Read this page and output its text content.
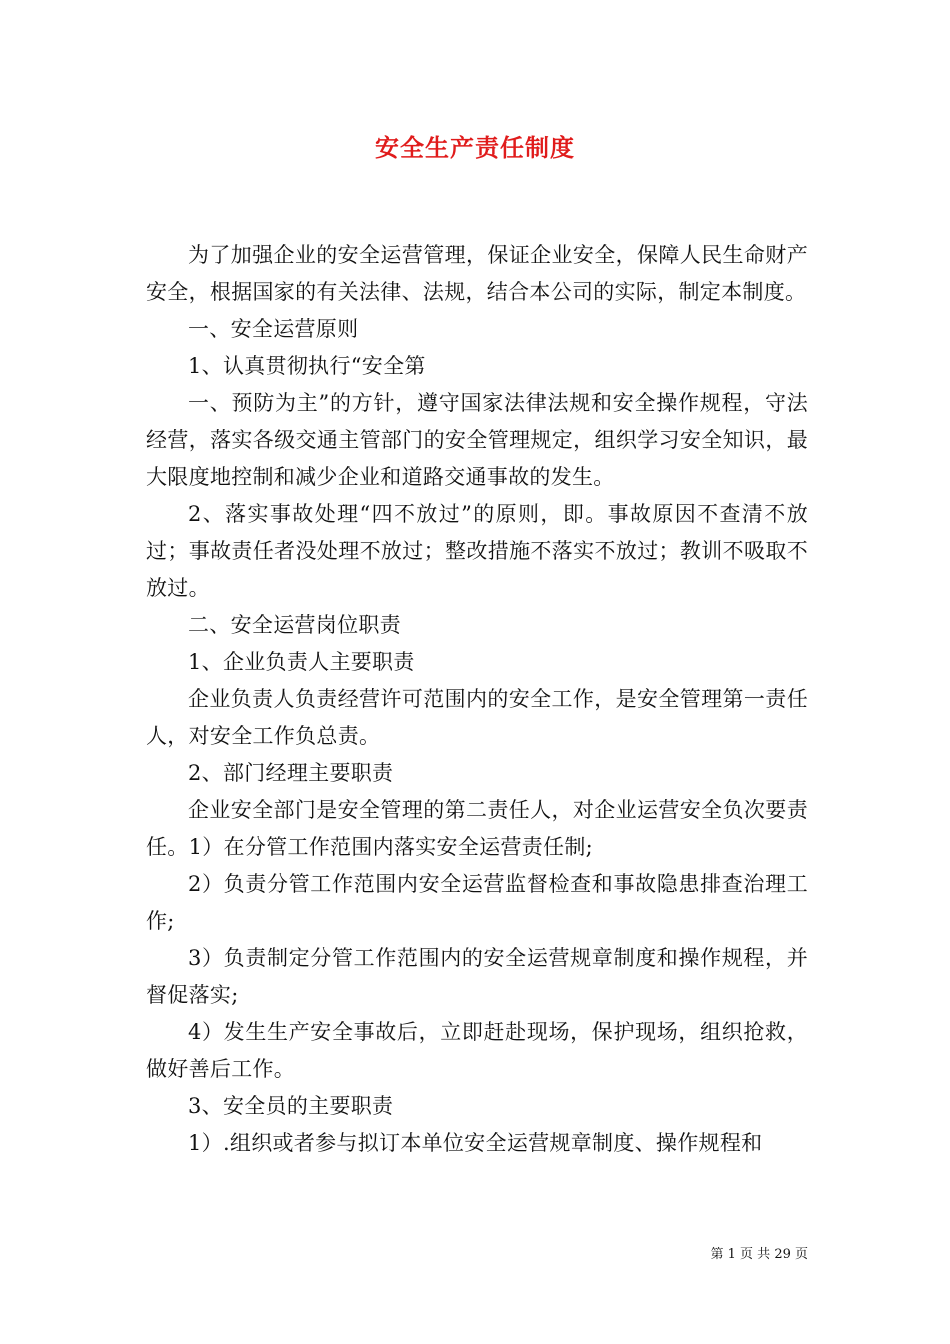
安全生产责任制度

为了加强企业的安全运营管理，保证企业安全，保障人民生命财产安全，根据国家的有关法律、法规，结合本公司的实际，制定本制度。

一、安全运营原则

1、认真贯彻执行“安全第

一、预防为主”的方针，遵守国家法律法规和安全操作规程，守法经营，落实各级交通主管部门的安全管理规定，组织学习安全知识，最大限度地控制和减少企业和道路交通事故的发生。

2、落实事故处理“四不放过”的原则，即。事故原因不查清不放过；事故责任者没处理不放过；整改措施不落实不放过；教训不吸取不放过。

二、安全运营岗位职责

1、企业负责人主要职责

企业负责人负责经营许可范围内的安全工作，是安全管理第一责任人，对安全工作负总责。

2、部门经理主要职责

企业安全部门是安全管理的第二责任人，对企业运营安全负次要责任。1）在分管工作范围内落实安全运营责任制;

2）负责分管工作范围内安全运营监督检查和事故隐患排查治理工作;

3）负责制定分管工作范围内的安全运营规章制度和操作规程，并督促落实;

4）发生生产安全事故后，立即赶赴现场，保护现场，组织抢救，做好善后工作。

3、安全员的主要职责

1）.组织或者参与拟订本单位安全运营规章制度、操作规程和

第 1 页 共 29 页
